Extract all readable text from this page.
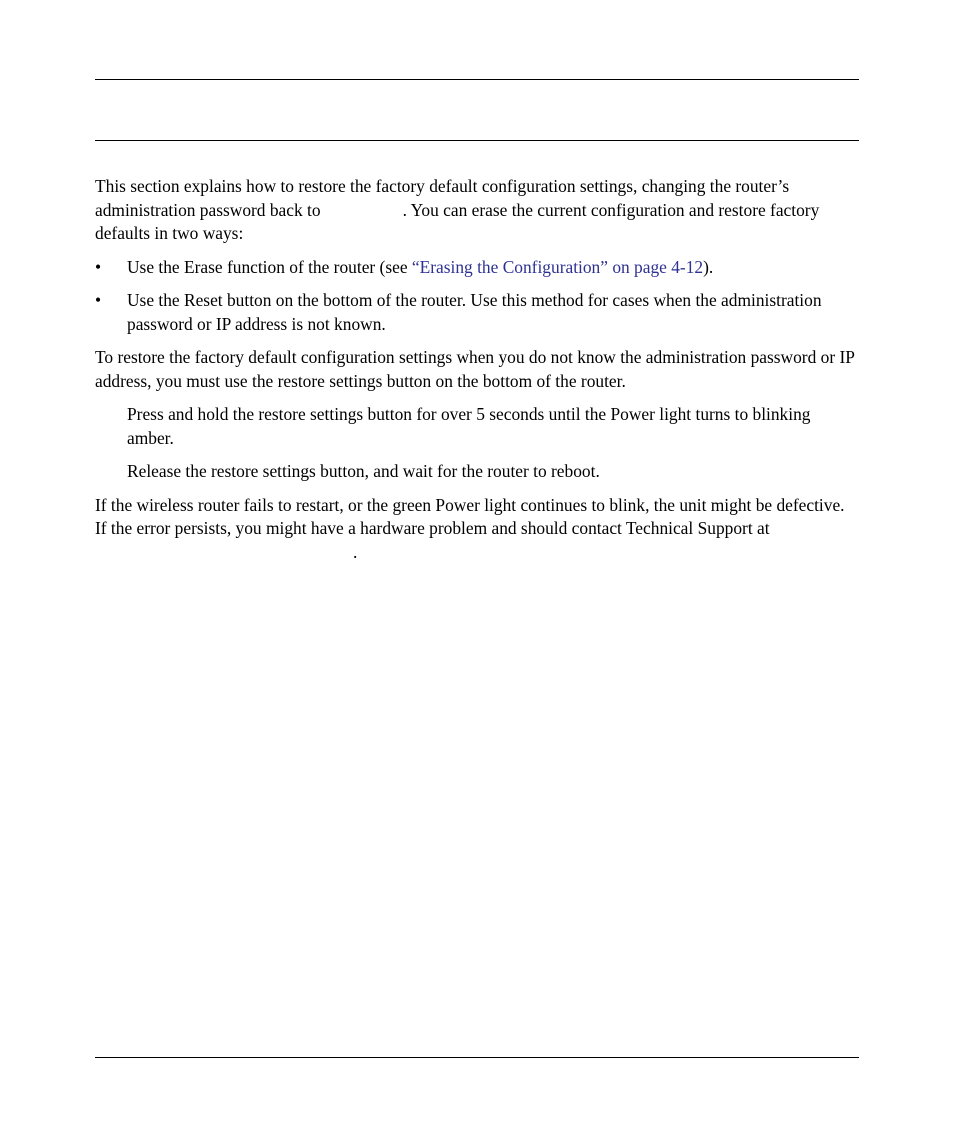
This section explains how to restore the factory default configuration settings, changing the router’s administration password back to	. You can erase the current configuration and restore factory defaults in two ways:

• Use the Erase function of the router (see “Erasing the Configuration” on page 4-12).
• Use the Reset button on the bottom of the router. Use this method for cases when the administration password or IP address is not known.

To restore the factory default configuration settings when you do not know the administration password or IP address, you must use the restore settings button on the bottom of the router.

Press and hold the restore settings button for over 5 seconds until the Power light turns to blinking amber.
Release the restore settings button, and wait for the router to reboot.

If the wireless router fails to restart, or the green Power light continues to blink, the unit might be defective. If the error persists, you might have a hardware problem and should contact Technical Support at.
